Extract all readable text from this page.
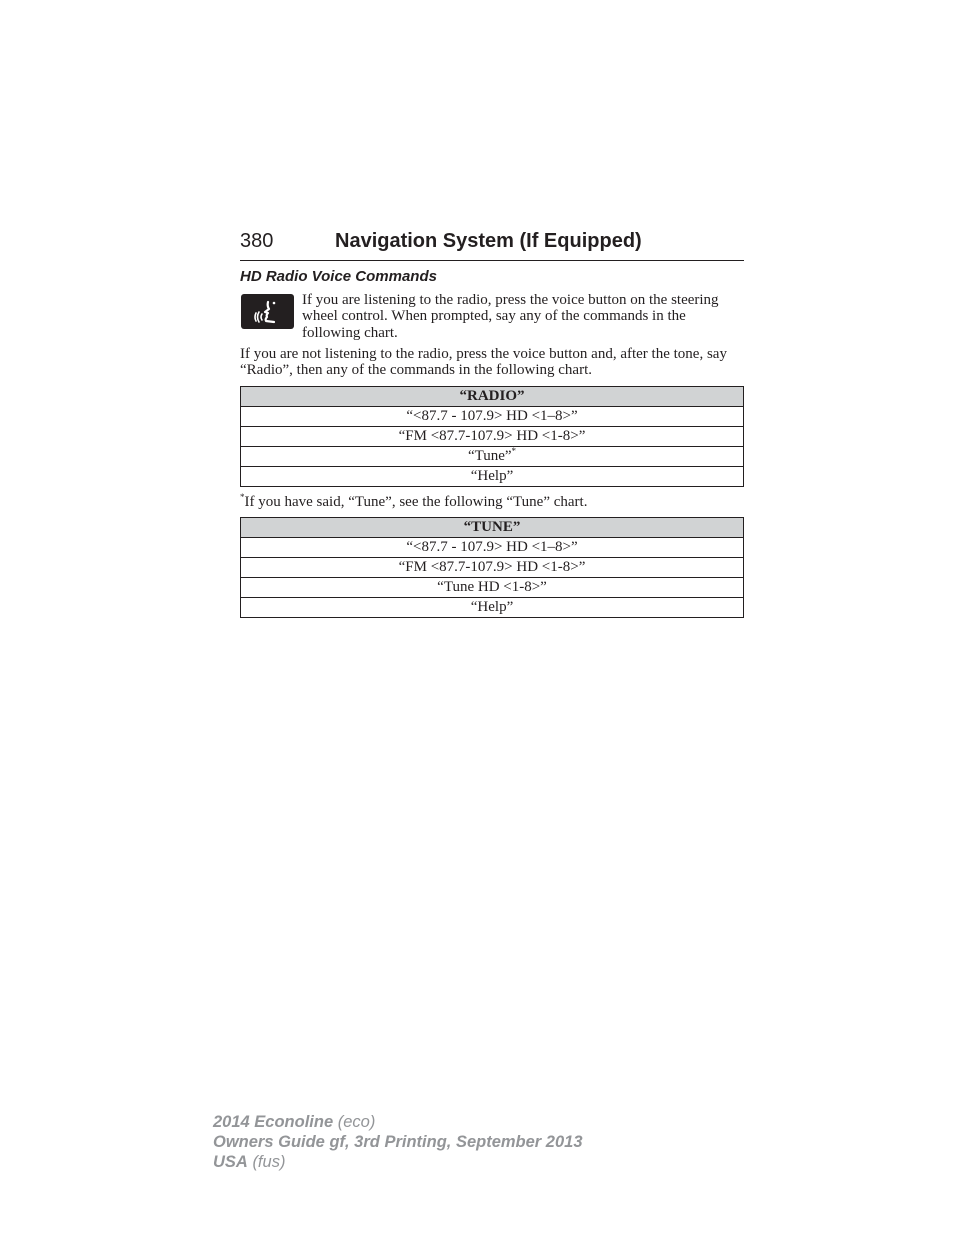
380	Navigation System (If Equipped)
HD Radio Voice Commands
If you are listening to the radio, press the voice button on the steering wheel control. When prompted, say any of the commands in the following chart.
If you are not listening to the radio, press the voice button and, after the tone, say “Radio”, then any of the commands in the following chart.
“RADIO”
“<87.7 - 107.9> HD <1–8>”
“FM <87.7-107.9> HD <1-8>”
“Tune”*
“Help”
*If you have said, “Tune”, see the following “Tune” chart.
“TUNE”
“<87.7 - 107.9> HD <1–8>”
“FM <87.7-107.9> HD <1-8>”
“Tune HD <1-8>”
“Help”
2014 Econoline (eco)
Owners Guide gf, 3rd Printing, September 2013
USA (fus)
